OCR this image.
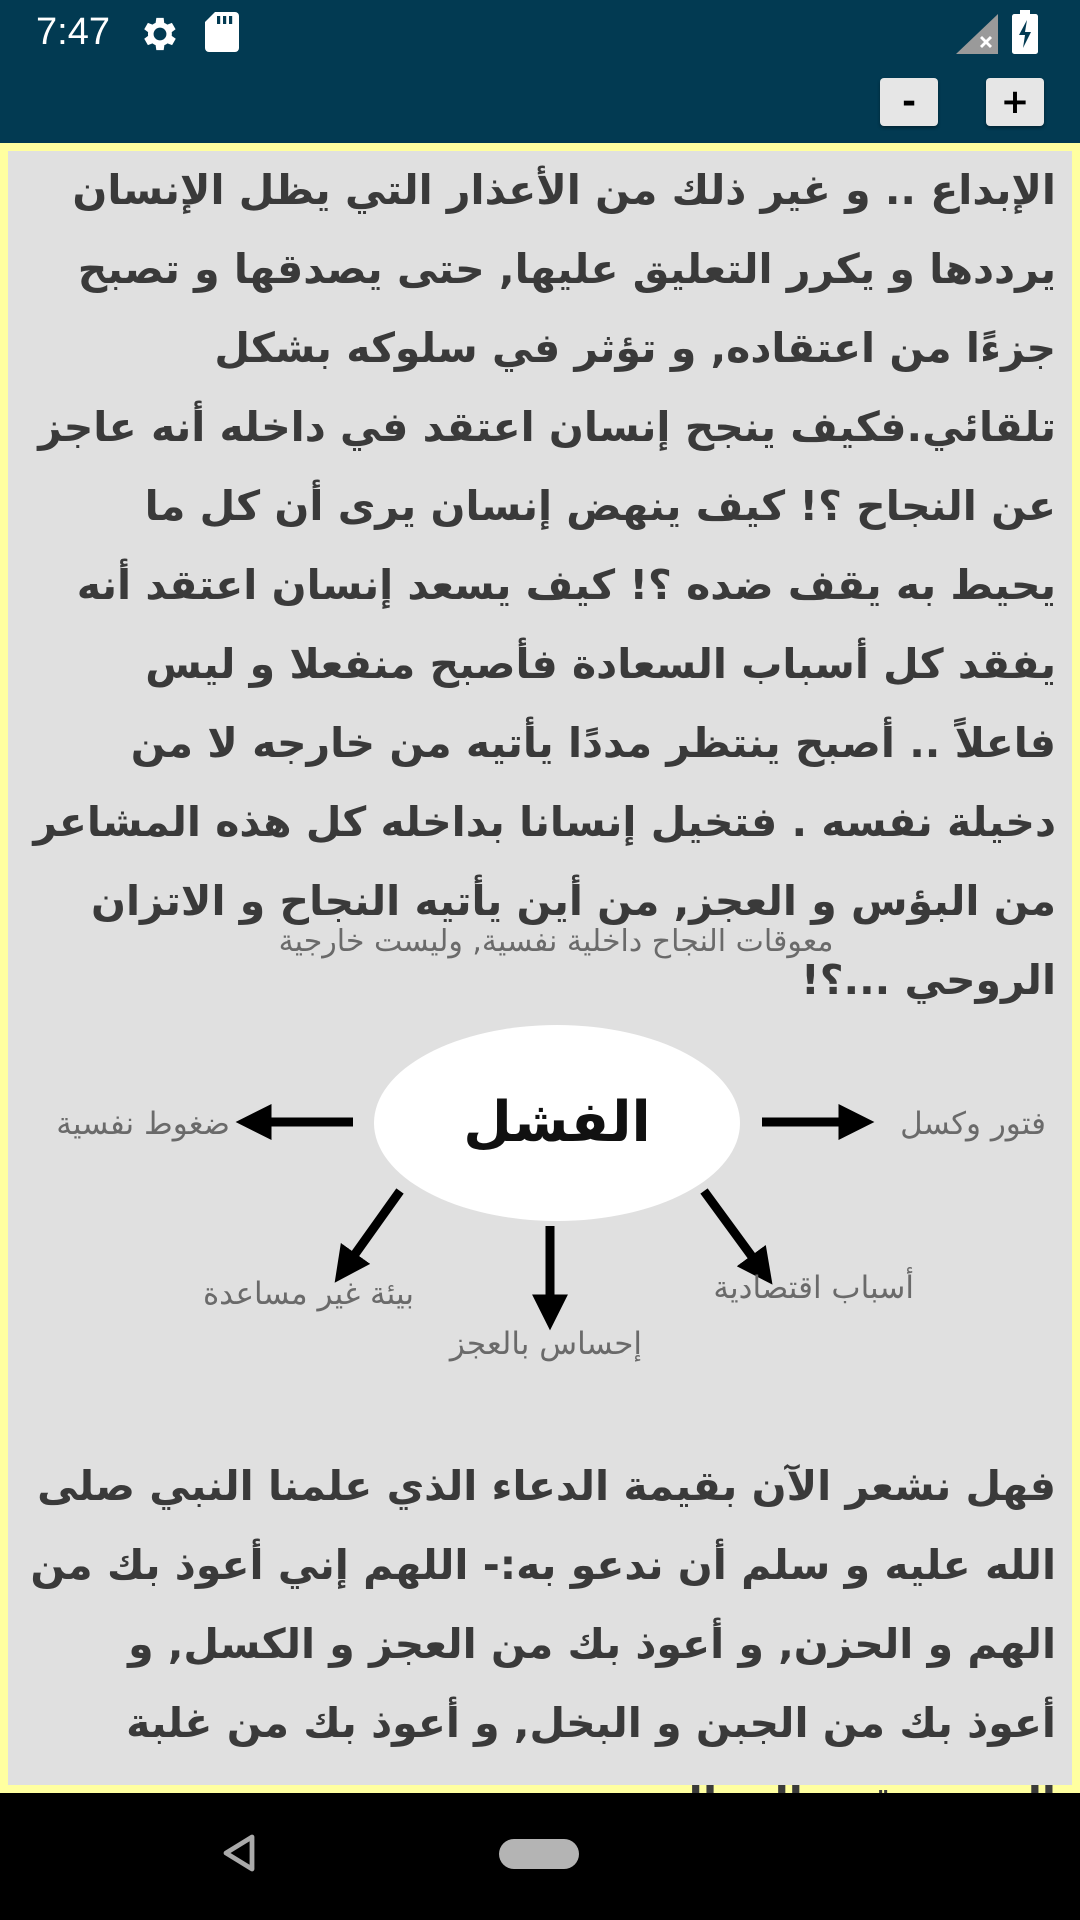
7:47
-	+

الإبداع .. و غير ذلك من الأعذار التي يظل الإنسان يرددها و يكرر التعليق عليها, حتى يصدقها و تصبح جزءًا من اعتقاده, و تؤثر في سلوكه بشكل تلقائي.فكيف ينجح إنسان اعتقد في داخله أنه عاجز عن النجاح ؟! كيف ينهض إنسان يرى أن كل ما يحيط به يقف ضده ؟! كيف يسعد إنسان اعتقد أنه يفقد كل أسباب السعادة فأصبح منفعلا و ليس فاعلاً .. أصبح ينتظر مددًا يأتيه من خارجه لا من دخيلة نفسه . فتخيل إنسانا بداخله كل هذه المشاعر من البؤس و العجز, من أين يأتيه النجاح و الاتزان الروحي ...؟!

معوقات النجاح داخلية نفسية, وليست خارجية
الفشل	فتور وكسل
ضغوط نفسية
أسباب اقتصادية
إحساس بالعجز
بيئة غير مساعدة

فهل نشعر الآن بقيمة الدعاء الذي علمنا النبي صلى الله عليه و سلم أن ندعو به:- اللهم إني أعوذ بك من الهم و الحزن, و أعوذ بك من العجز و الكسل, و أعوذ بك من الجبن و البخل, و أعوذ بك من غلبة
